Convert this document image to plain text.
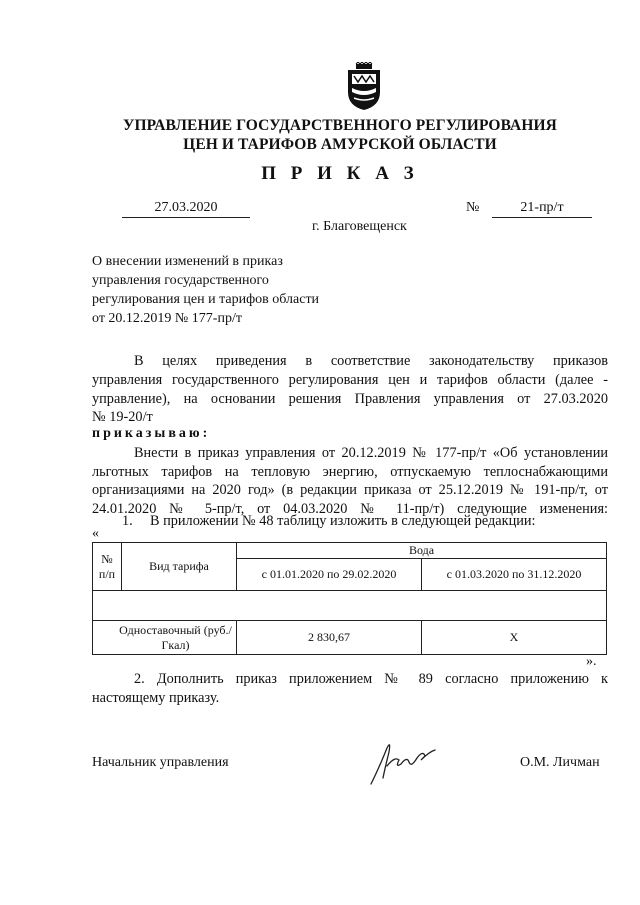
УПРАВЛЕНИЕ ГОСУДАРСТВЕННОГО РЕГУЛИРОВАНИЯ
ЦЕН И ТАРИФОВ АМУРСКОЙ ОБЛАСТИ
П Р И К А З
27.03.2020	№	21-пр/т
г. Благовещенск
О внесении изменений в приказ
управления государственного
регулирования цен и тарифов области
от 20.12.2019 № 177-пр/т
В целях приведения в соответствие законодательству приказов
управления государственного регулирования цен и тарифов области (далее -
управление), на основании решения Правления управления от 27.03.2020
№ 19-20/т
приказываю:
Внести в приказ управления от 20.12.2019 № 177-пр/т «Об установлении
льготных тарифов на тепловую энергию, отпускаемую теплоснабжающими
организациями на 2020 год» (в редакции приказа от 25.12.2019 № 191-пр/т, от
24.01.2020 № 5-пр/т, от 04.03.2020 № 11-пр/т) следующие изменения:
1. В приложении № 48 таблицу изложить в следующей редакции:
«
№ п/п	Вид тарифа	Вода	
		с 01.01.2020 по 29.02.2020	с 01.03.2020 по 31.12.2020

Одноставочный (руб./Гкал)		2 830,67	X
».
2. Дополнить приказ приложением № 89 согласно приложению к
настоящему приказу.
Начальник управления	О.М. Личман
